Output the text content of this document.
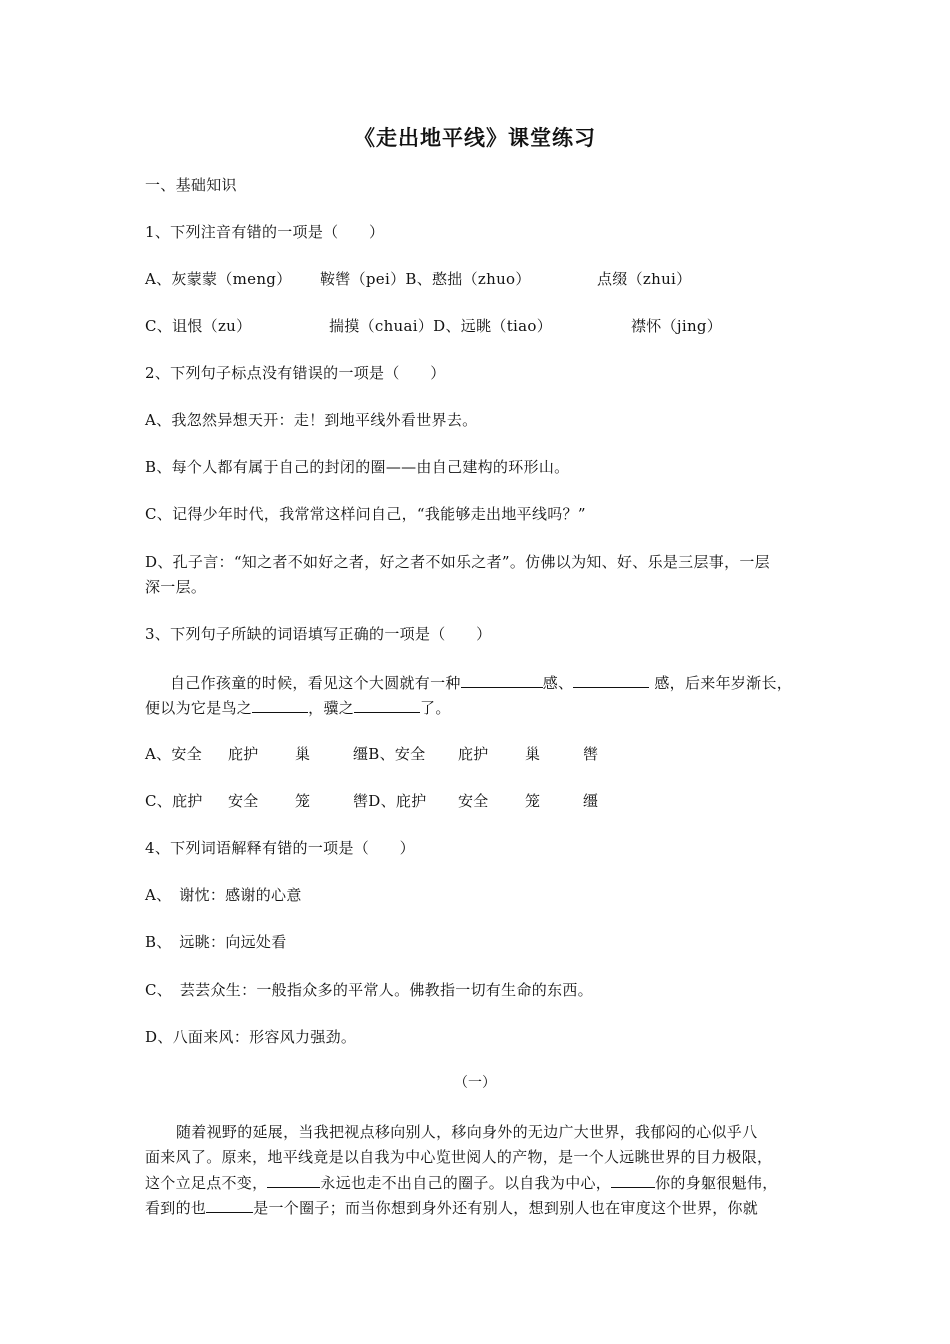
《走出地平线》课堂练习
一、基础知识
1、下列注音有错的一项是（　　）
A、灰蒙蒙（meng） 鞍辔（pei）B、憨拙（zhuo）	点缀（zhui）
C、诅恨（zu）	揣摸（chuai）D、远眺（tiao）	襟怀（jing）
2、下列句子标点没有错误的一项是（　　）
A、我忽然异想天开：走！到地平线外看世界去。
B、每个人都有属于自己的封闭的圈——由自己建构的环形山。
C、记得少年时代，我常常这样问自己，“我能够走出地平线吗？”
D、孔子言：“知之者不如好之者，好之者不如乐之者”。仿佛以为知、好、乐是三层事，一层
深一层。
3、下列句子所缺的词语填写正确的一项是（　　）
自己作孩童的时候，看见这个大圆就有一种	感、	感，后来年岁渐长，
便以为它是鸟之	，骥之	了。
A、安全 庇护 巢	缰B、安全 庇护 巢	辔
C、庇护 安全 笼	辔D、庇护 安全 笼	缰
4、下列词语解释有错的一项是（　　）
A、　谢忱：感谢的心意
B、　远眺：向远处看
C、　芸芸众生：一般指众多的平常人。佛教指一切有生命的东西。
D、八面来风：形容风力强劲。
（一）
随着视野的延展，当我把视点移向别人，移向身外的无边广大世界，我郁闷的心似乎八
面来风了。原来，地平线竟是以自我为中心览世阅人的产物，是一个人远眺世界的目力极限，
这个立足点不变，	永远也走不出自己的圈子。以自我为中心，	你的身躯很魁伟，
看到的也	是一个圈子；而当你想到身外还有别人，想到别人也在审度这个世界，你就
